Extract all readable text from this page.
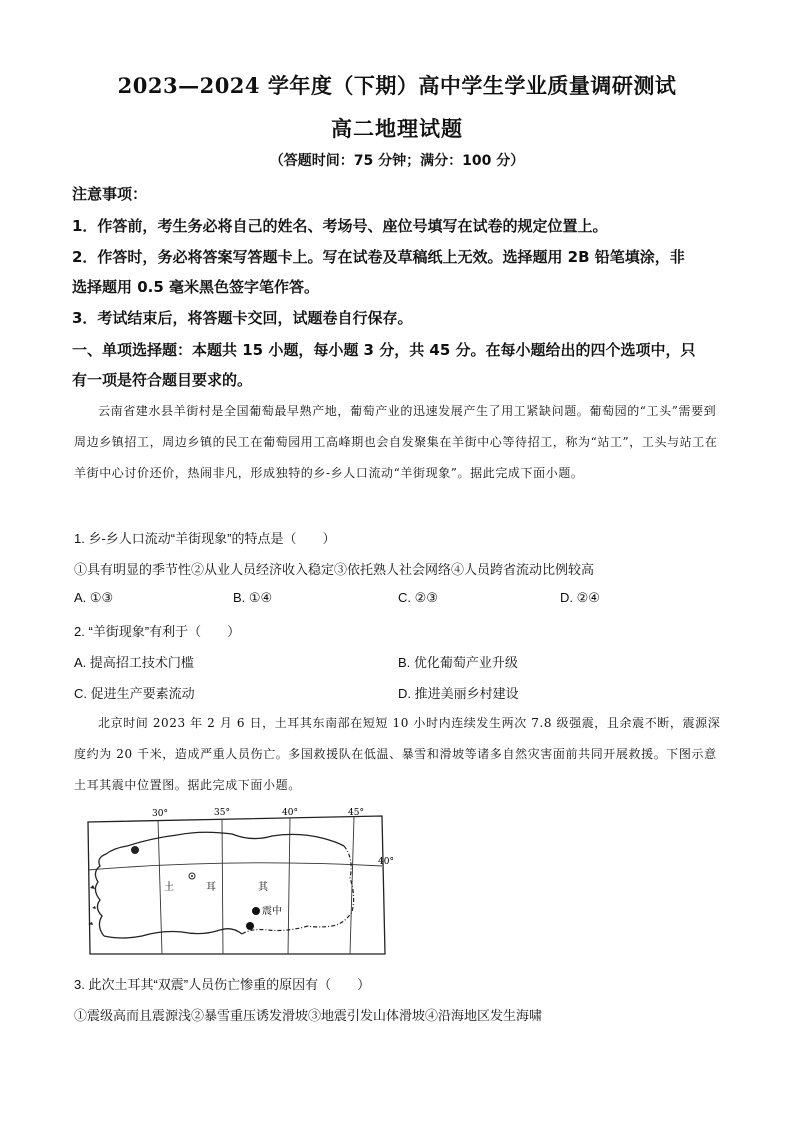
2023—2024 学年度（下期）高中学生学业质量调研测试
高二地理试题
（答题时间：75 分钟；满分：100 分）
注意事项：
1．作答前，考生务必将自己的姓名、考场号、座位号填写在试卷的规定位置上。
2．作答时，务必将答案写答题卡上。写在试卷及草稿纸上无效。选择题用 2B 铅笔填涂，非
选择题用 0.5 毫米黑色签字笔作答。
3．考试结束后，将答题卡交回，试题卷自行保存。
一、单项选择题：本题共 15 小题，每小题 3 分，共 45 分。在每小题给出的四个选项中，只
有一项是符合题目要求的。
云南省建水县羊街村是全国葡萄最早熟产地，葡萄产业的迅速发展产生了用工紧缺问题。葡萄园的“工头”需要到周边乡镇招工，周边乡镇的民工在葡萄园用工高峰期也会自发聚集在羊街中心等待招工，称为“站工”，工头与站工在羊街中心讨价还价，热闹非凡，形成独特的乡-乡人口流动“羊街现象”。据此完成下面小题。
1. 乡-乡人口流动“羊街现象”的特点是（　　）
①具有明显的季节性②从业人员经济收入稳定③依托熟人社会网络④人员跨省流动比例较高
A. ①③	B. ①④	C. ②③	D. ②④
2. “羊街现象”有利于（　　）
A. 提高招工技术门槛	B. 优化葡萄产业升级
C. 促进生产要素流动	D. 推进美丽乡村建设
北京时间 2023 年 2 月 6 日，土耳其东南部在短短 10 小时内连续发生两次 7.8 级强震，且余震不断，震源深度约为 20 千米，造成严重人员伤亡。多国救援队在低温、暴雪和滑坡等诸多自然灾害面前共同开展救援。下图示意土耳其震中位置图。据此完成下面小题。
30°	35°	40°	45°
40°
土	耳	其
震中
3. 此次土耳其“双震”人员伤亡惨重的原因有（　　）
①震级高而且震源浅②暴雪重压诱发滑坡③地震引发山体滑坡④沿海地区发生海啸
